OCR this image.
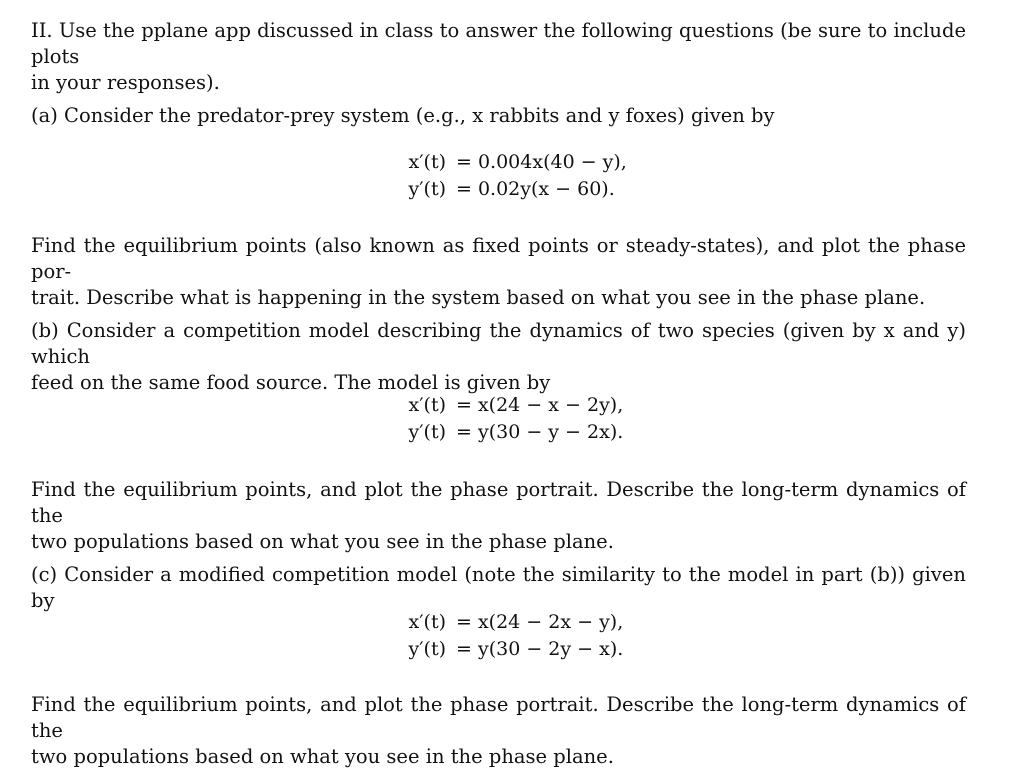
II. Use the pplane app discussed in class to answer the following questions (be sure to include plots
in your responses).

(a) Consider the predator-prey system (e.g., x rabbits and y foxes) given by

x′(t) = 0.004x(40 − y),
y′(t) = 0.02y(x − 60).

Find the equilibrium points (also known as fixed points or steady-states), and plot the phase por-
trait. Describe what is happening in the system based on what you see in the phase plane.

(b) Consider a competition model describing the dynamics of two species (given by x and y) which
feed on the same food source. The model is given by

x′(t) = x(24 − x − 2y),
y′(t) = y(30 − y − 2x).

Find the equilibrium points, and plot the phase portrait. Describe the long-term dynamics of the
two populations based on what you see in the phase plane.

(c) Consider a modified competition model (note the similarity to the model in part (b)) given by

x′(t) = x(24 − 2x − y),
y′(t) = y(30 − 2y − x).

Find the equilibrium points, and plot the phase portrait. Describe the long-term dynamics of the
two populations based on what you see in the phase plane.
